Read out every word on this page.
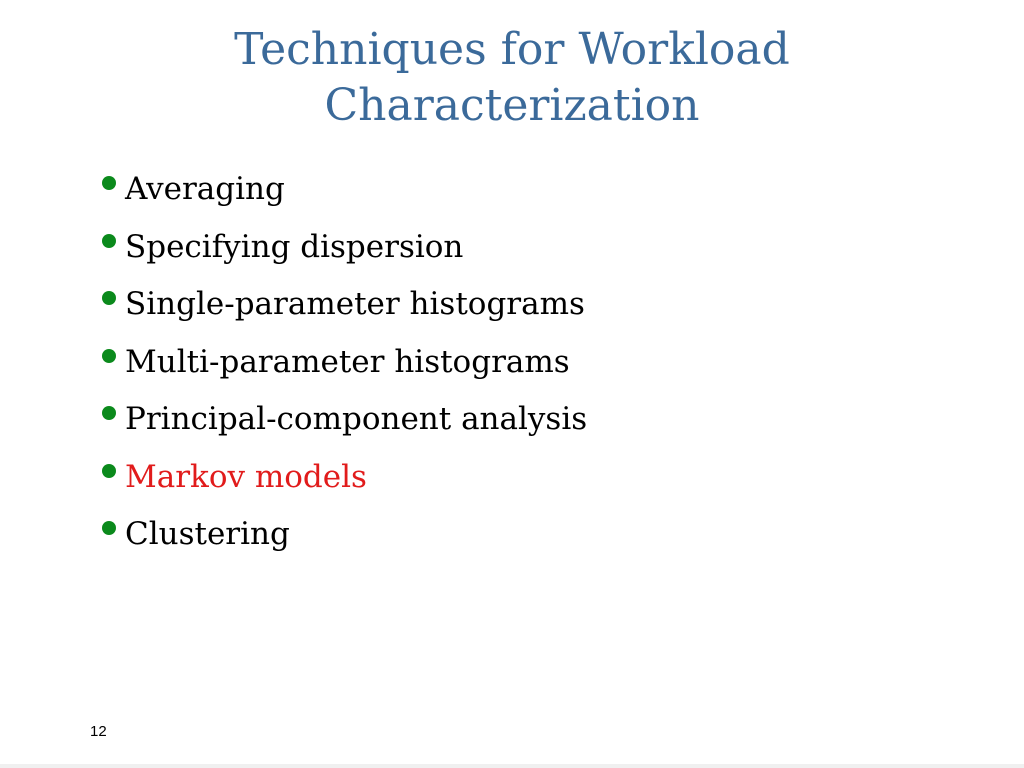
Techniques for Workload
Characterization
Averaging
Specifying dispersion
Single-parameter histograms
Multi-parameter histograms
Principal-component analysis
Markov models
Clustering
12
